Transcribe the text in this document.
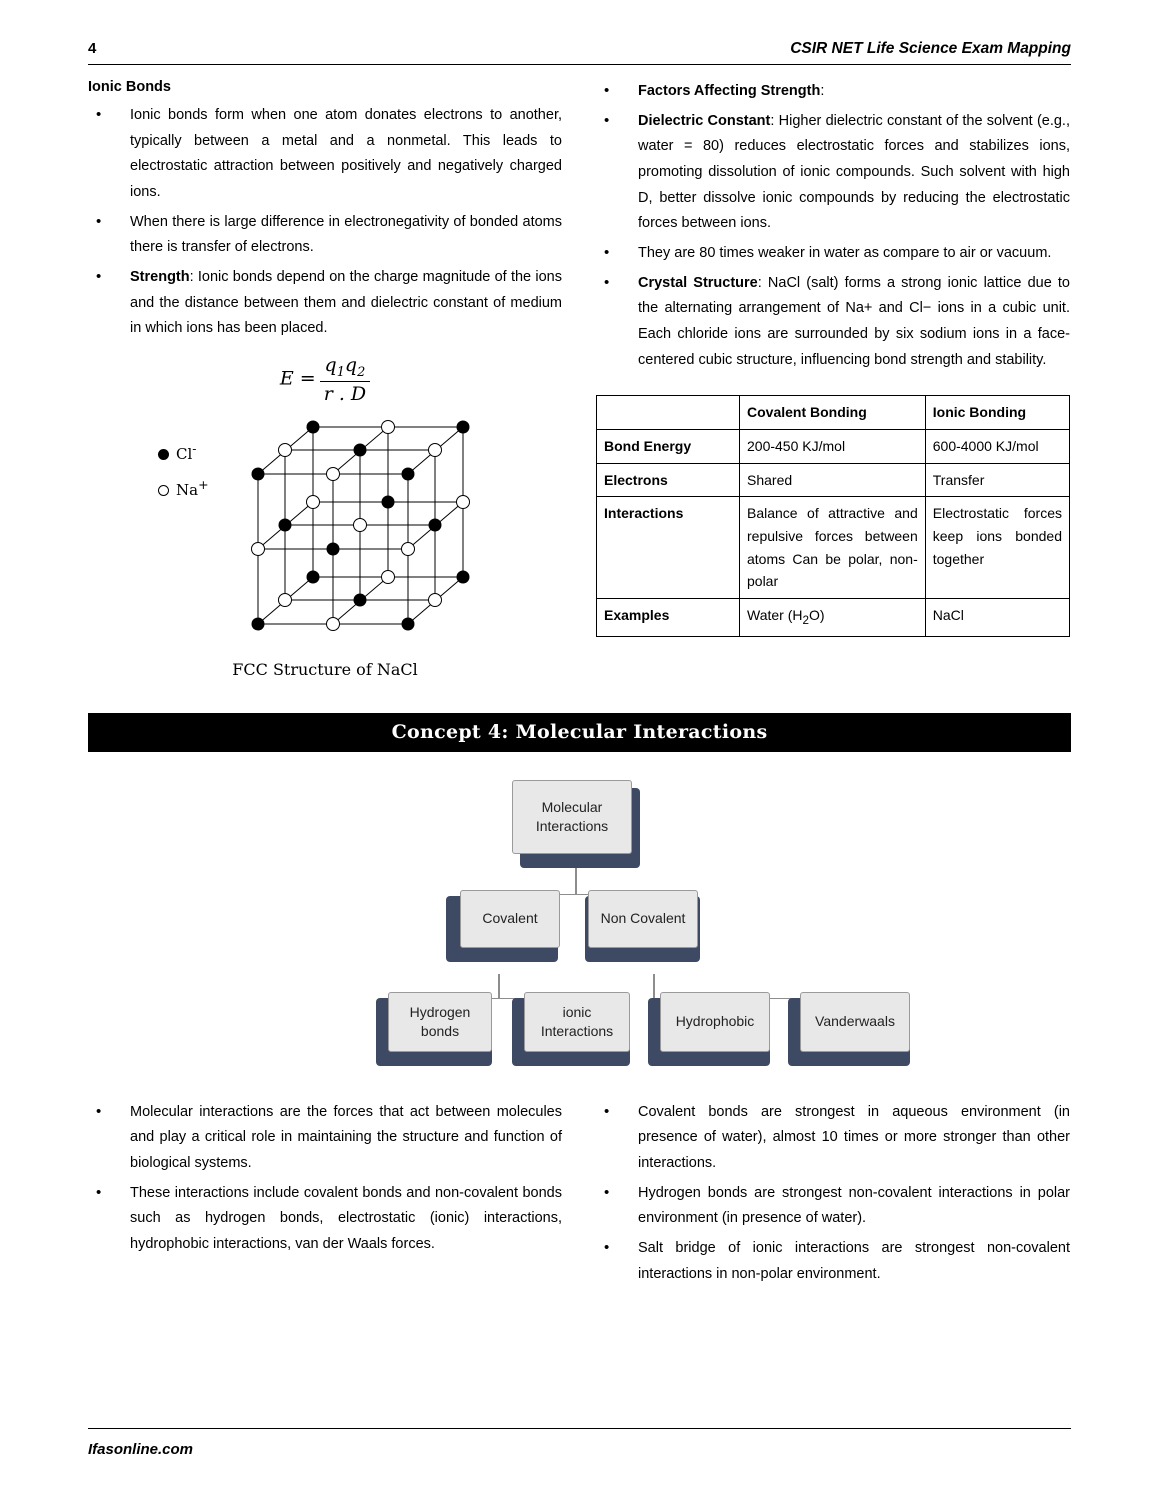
4	CSIR NET Life Science Exam Mapping
Ionic Bonds
• Ionic bonds form when one atom donates electrons to another, typically between a metal and a nonmetal. This leads to electrostatic attraction between positively and negatively charged ions.
• When there is large difference in electronegativity of bonded atoms there is transfer of electrons.
• Strength: Ionic bonds depend on the charge magnitude of the ions and the distance between them and dielectric constant of medium in which ions has been placed.
$E = \frac{q_1q_2}{r . D}$
Cl-
Na+
FCC Structure of NaCl
• Factors Affecting Strength:
• Dielectric Constant: Higher dielectric constant of the solvent (e.g., water = 80) reduces electrostatic forces and stabilizes ions, promoting dissolution of ionic compounds. Such solvent with high D, better dissolve ionic compounds by reducing the electrostatic forces between ions.
• They are 80 times weaker in water as compare to air or vacuum.
• Crystal Structure: NaCl (salt) forms a strong ionic lattice due to the alternating arrangement of Na+ and Cl− ions in a cubic unit. Each chloride ions are surrounded by six sodium ions in a face-centered cubic structure, influencing bond strength and stability.
	Covalent Bonding	Ionic Bonding
Bond Energy	200-450 KJ/mol	600-4000 KJ/mol
Electrons	Shared	Transfer
Interactions	Balance of attractive and repulsive forces between atoms Can be polar, non-polar	Electrostatic forces keep ions bonded together
Examples	Water $(H_2O)$	NaCl
Concept 4: Molecular Interactions
Molecular Interactions
Covalent	Non Covalent
Hydrogen bonds
ionic Interactions
Hydrophobic	Vanderwaals
• Molecular interactions are the forces that act between molecules and play a critical role in maintaining the structure and function of biological systems.
• These interactions include covalent bonds and non-covalent bonds such as hydrogen bonds, electrostatic (ionic) interactions, hydrophobic interactions, van der Waals forces.
• Covalent bonds are strongest in aqueous environment (in presence of water), almost 10 times or more stronger than other interactions.
• Hydrogen bonds are strongest non-covalent interactions in polar environment (in presence of water).
• Salt bridge of ionic interactions are strongest non-covalent interactions in non-polar environment.
Ifasonline.com
